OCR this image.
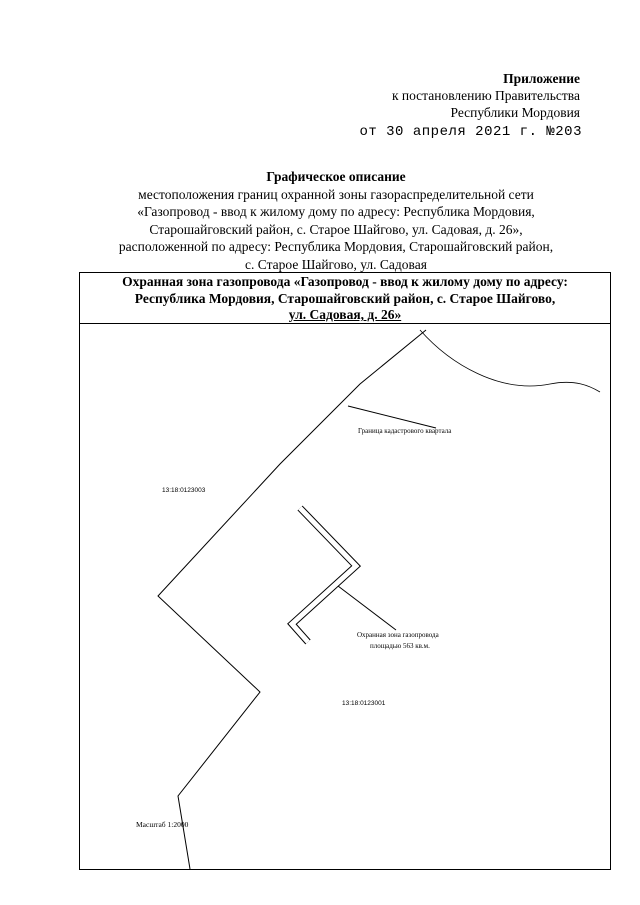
Приложение
к постановлению Правительства
Республики Мордовия
от 30 апреля 2021 г. №203
Графическое описание
местоположения границ охранной зоны газораспределительной сети
«Газопровод - ввод к жилому дому по адресу: Республика Мордовия,
Старошайговский район, с. Старое Шайгово, ул. Садовая, д. 26»,
расположенной по адресу: Республика Мордовия, Старошайговский район,
с. Старое Шайгово, ул. Садовая
Охранная зона газопровода «Газопровод - ввод к жилому дому по адресу:
Республика Мордовия, Старошайговский район, с. Старое Шайгово,
ул. Садовая, д. 26»
Граница кадастрового квартала
13:18:0123003
13:18:0123001
Охранная зона газопровода
площадью 563 кв.м.
Масштаб 1:2000
